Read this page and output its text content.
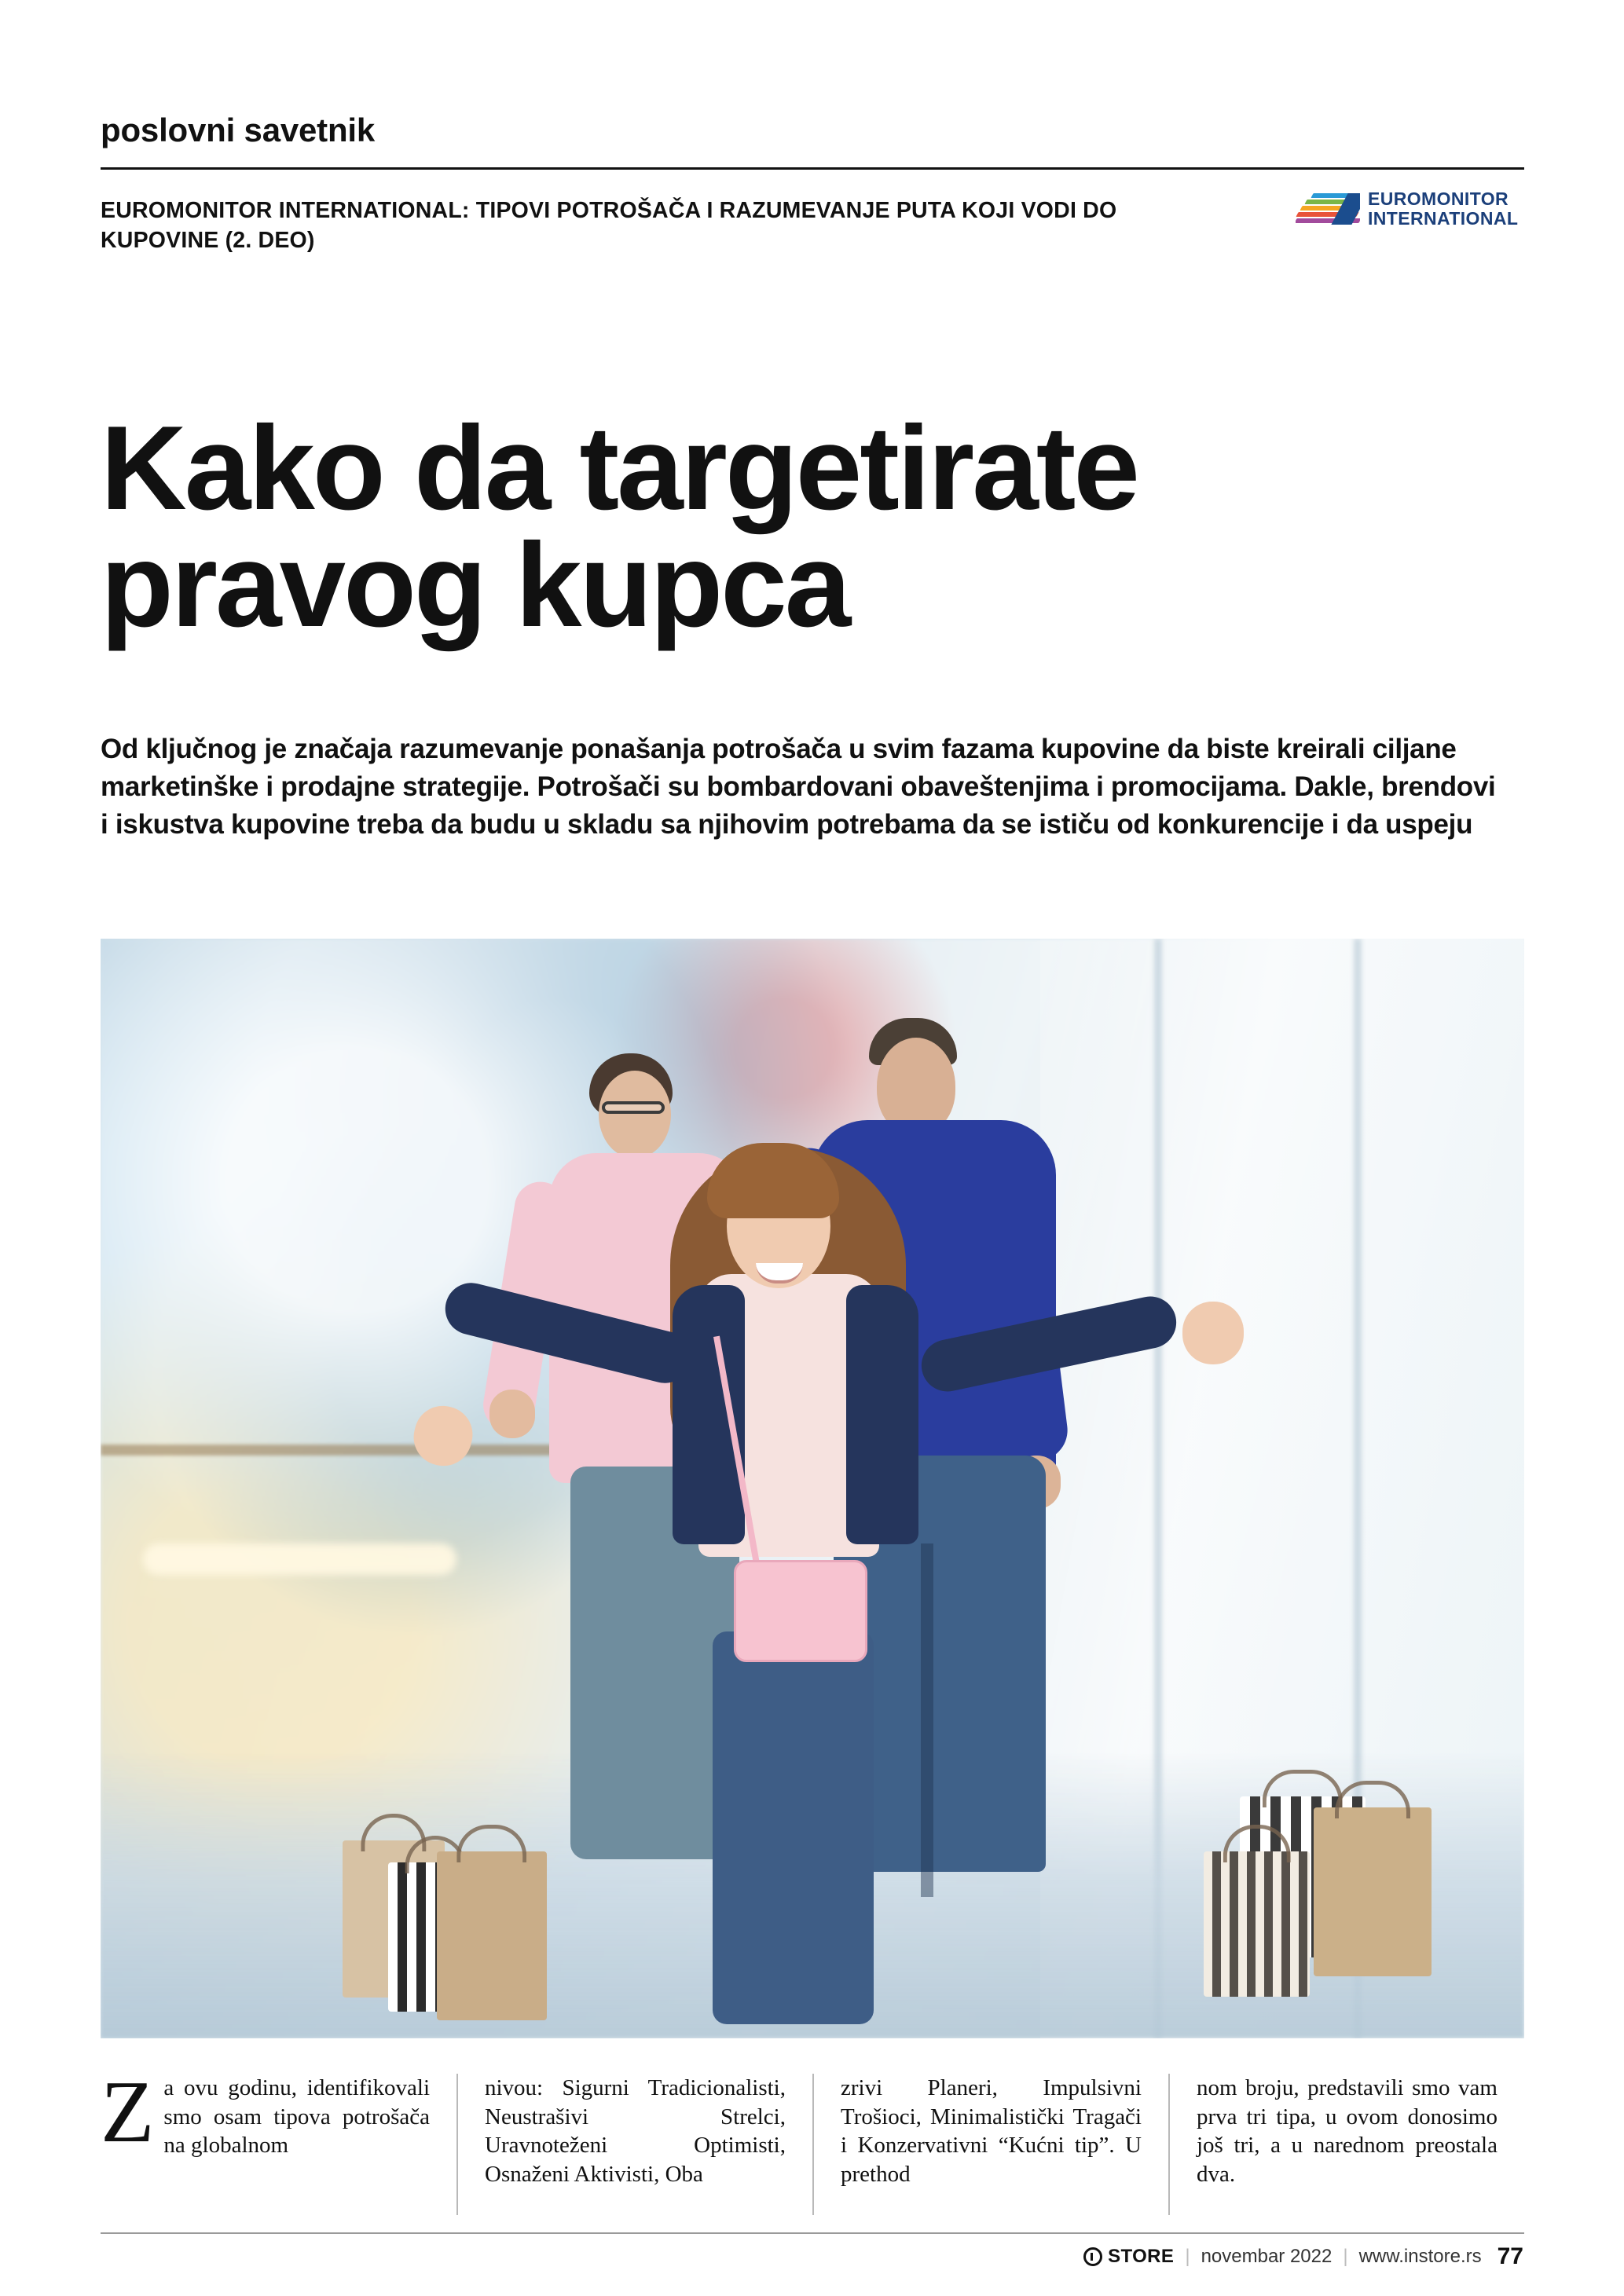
poslovni savetnik
EUROMONITOR INTERNATIONAL: TIPOVI POTROŠAČA I RAZUMEVANJE PUTA KOJI VODI DO KUPOVINE (2. DEO)
EUROMONITOR
INTERNATIONAL
Kako da targetirate pravog kupca
Od ključnog je značaja razumevanje ponašanja potrošača u svim fazama kupovine da biste kreirali ciljane marketinške i prodajne strategije. Potrošači su bombardovani obaveštenjima i promocijama. Dakle, brendovi i iskustva kupovine treba da budu u skladu sa njihovim potrebama da se ističu od konkurencije i da uspeju
Z a ovu godinu, identifikovali smo osam tipova potrošača na globalnom
nivou: Sigurni Tradicionalisti, Neustrašivi Strelci, Uravnoteženi Optimisti, Osnaženi Aktivisti, Oba
zrivi Planeri, Impulsivni Trošioci, Minimalistički Tragači i Konzervativni “Kućni tip”. U prethod
nom broju, predstavili smo vam prva tri tipa, u ovom donosimo još tri, a u narednom preostala dva.
STORE | novembar 2022 | www.instore.rs 77
